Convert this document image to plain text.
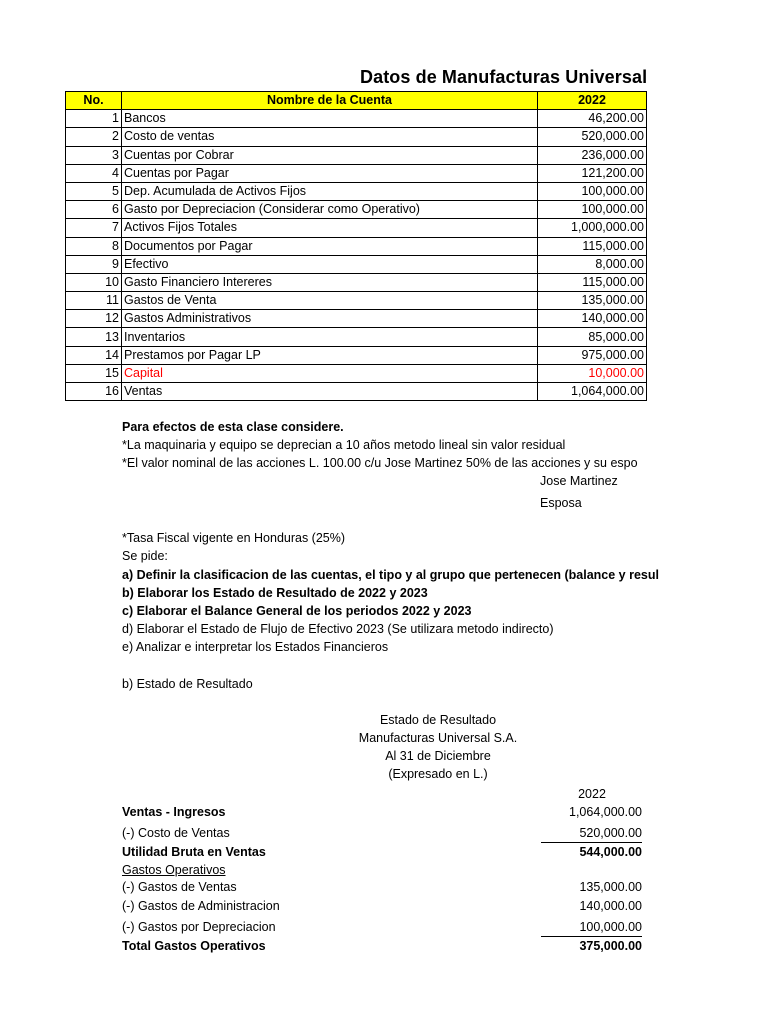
Datos de Manufacturas Universal
No.	Nombre de la Cuenta	2022
1	Bancos	46,200.00
2	Costo de ventas	520,000.00
3	Cuentas por Cobrar	236,000.00
4	Cuentas por Pagar	121,200.00
5	Dep. Acumulada de Activos Fijos	100,000.00
6	Gasto por Depreciacion (Considerar como Operativo)	100,000.00
7	Activos Fijos Totales	1,000,000.00
8	Documentos por Pagar	115,000.00
9	Efectivo	8,000.00
10	Gasto Financiero Intereres	115,000.00
11	Gastos de Venta	135,000.00
12	Gastos Administrativos	140,000.00
13	Inventarios	85,000.00
14	Prestamos por Pagar LP	975,000.00
15	Capital	10,000.00
16	Ventas	1,064,000.00
Para efectos de esta clase considere.
*La maquinaria y equipo se deprecian a 10 años metodo lineal sin valor residual
*El valor nominal de las acciones L. 100.00 c/u Jose Martinez 50% de las acciones y su espo
Jose Martinez
Esposa
*Tasa Fiscal vigente en Honduras (25%)
Se pide:
a) Definir la clasificacion de las cuentas, el tipo y al grupo que pertenecen (balance y resul
b) Elaborar los Estado de Resultado de 2022 y 2023
c) Elaborar el Balance General de los periodos 2022 y 2023
d) Elaborar el Estado de Flujo de Efectivo 2023 (Se utilizara metodo indirecto)
e) Analizar e interpretar los Estados Financieros
b) Estado de Resultado
Estado de Resultado
Manufacturas Universal S.A.
Al 31 de Diciembre
(Expresado en L.)
2022
Ventas - Ingresos	1,064,000.00
(-) Costo de Ventas	520,000.00
Utilidad Bruta en Ventas	544,000.00
Gastos Operativos
(-) Gastos de Ventas	135,000.00
(-) Gastos de Administracion	140,000.00
(-) Gastos por Depreciacion	100,000.00
Total Gastos Operativos	375,000.00
